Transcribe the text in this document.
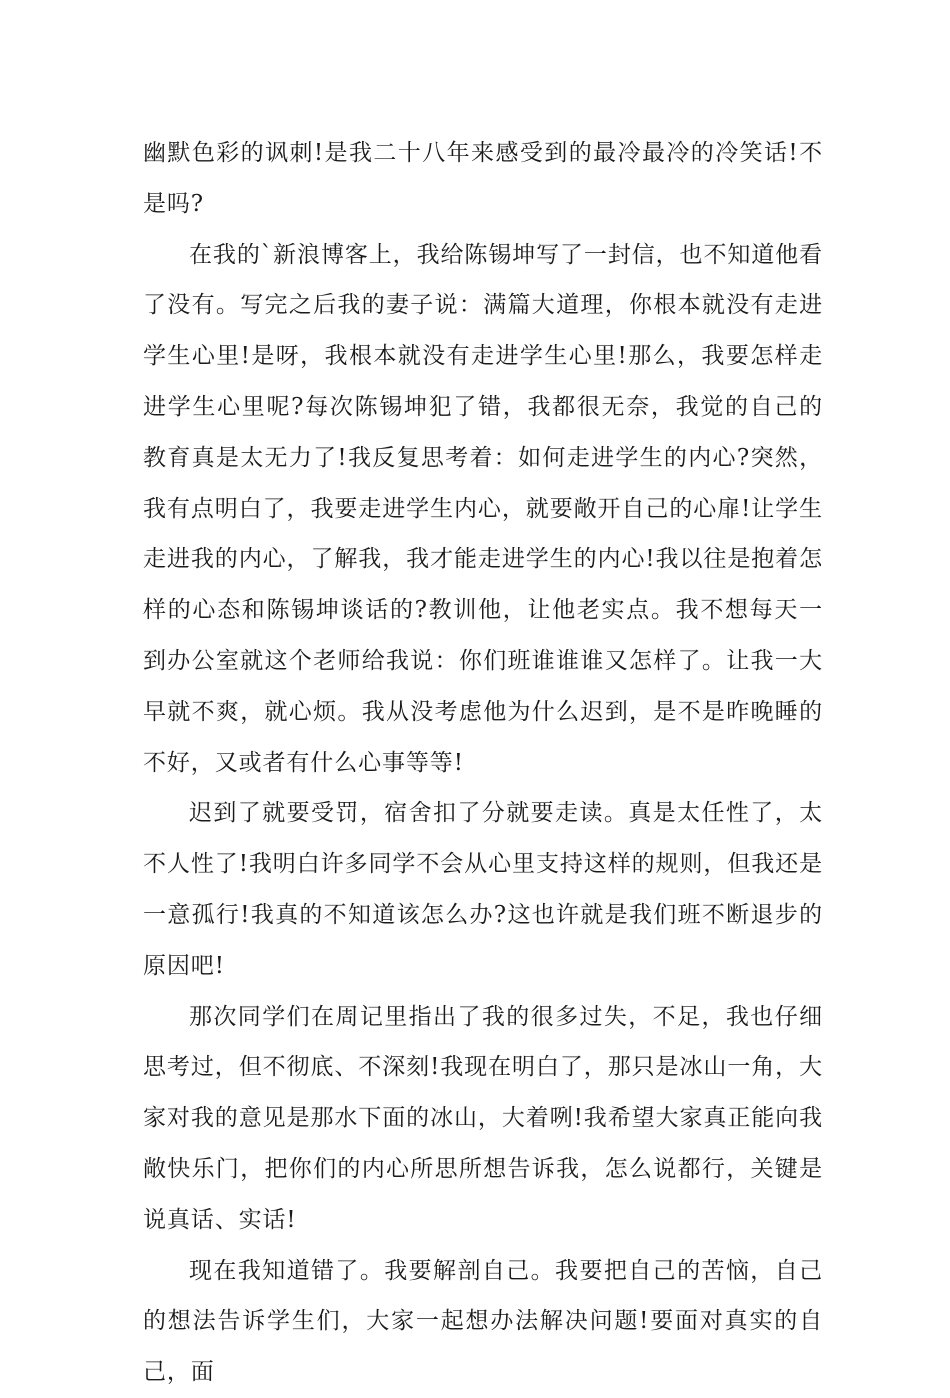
幽默色彩的讽刺!是我二十八年来感受到的最冷最冷的冷笑话!不是吗?

在我的`新浪博客上，我给陈锡坤写了一封信，也不知道他看了没有。写完之后我的妻子说：满篇大道理，你根本就没有走进学生心里!是呀，我根本就没有走进学生心里!那么，我要怎样走进学生心里呢?每次陈锡坤犯了错，我都很无奈，我觉的自己的教育真是太无力了!我反复思考着：如何走进学生的内心?突然，我有点明白了，我要走进学生内心，就要敞开自己的心扉!让学生走进我的内心，了解我，我才能走进学生的内心!我以往是抱着怎样的心态和陈锡坤谈话的?教训他，让他老实点。我不想每天一到办公室就这个老师给我说：你们班谁谁谁又怎样了。让我一大早就不爽，就心烦。我从没考虑他为什么迟到，是不是昨晚睡的不好，又或者有什么心事等等!

迟到了就要受罚，宿舍扣了分就要走读。真是太任性了，太不人性了!我明白许多同学不会从心里支持这样的规则，但我还是一意孤行!我真的不知道该怎么办?这也许就是我们班不断退步的原因吧!

那次同学们在周记里指出了我的很多过失，不足，我也仔细思考过，但不彻底、不深刻!我现在明白了，那只是冰山一角，大家对我的意见是那水下面的冰山，大着咧!我希望大家真正能向我敞快乐门，把你们的内心所思所想告诉我，怎么说都行，关键是说真话、实话!

现在我知道错了。我要解剖自己。我要把自己的苦恼，自己的想法告诉学生们，大家一起想办法解决问题!要面对真实的自己，面
